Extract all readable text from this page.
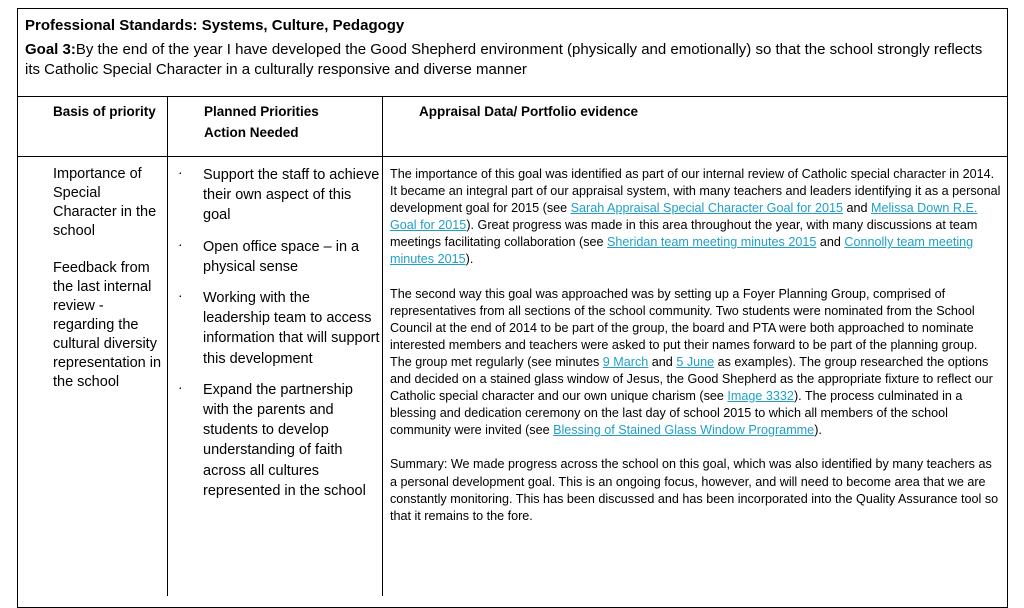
Professional Standards: Systems, Culture, Pedagogy
Goal 3:By the end of the year I have developed the Good Shepherd environment (physically and emotionally) so that the school strongly reflects its Catholic Special Character in a culturally responsive and diverse manner
Basis of priority	Planned Priorities
Action Needed
Appraisal Data/ Portfolio evidence

Importance of Special Character in the school

Feedback from the last internal review - regarding the cultural diversity representation in the school

· Support the staff to achieve their own aspect of this goal
· Open office space – in a physical sense
· Working with the leadership team to access information that will support this development
· Expand the partnership with the parents and students to develop understanding of faith across all cultures represented in the school

The importance of this goal was identified as part of our internal review of Catholic special character in 2014. It became an integral part of our appraisal system, with many teachers and leaders identifying it as a personal development goal for 2015 (see Sarah Appraisal Special Character Goal for 2015 and Melissa Down R.E. Goal for 2015). Great progress was made in this area throughout the year, with many discussions at team meetings facilitating collaboration (see Sheridan team meeting minutes 2015 and Connolly team meeting minutes 2015).

The second way this goal was approached was by setting up a Foyer Planning Group, comprised of representatives from all sections of the school community. Two students were nominated from the School Council at the end of 2014 to be part of the group, the board and PTA were both approached to nominate interested members and teachers were asked to put their names forward to be part of the planning group. The group met regularly (see minutes 9 March and 5 June as examples). The group researched the options and decided on a stained glass window of Jesus, the Good Shepherd as the appropriate fixture to reflect our Catholic special character and our own unique charism (see Image 3332). The process culminated in a blessing and dedication ceremony on the last day of school 2015 to which all members of the school community were invited (see Blessing of Stained Glass Window Programme).

Summary: We made progress across the school on this goal, which was also identified by many teachers as a personal development goal. This is an ongoing focus, however, and will need to become area that we are constantly monitoring. This has been discussed and has been incorporated into the Quality Assurance tool so that it remains to the fore.
